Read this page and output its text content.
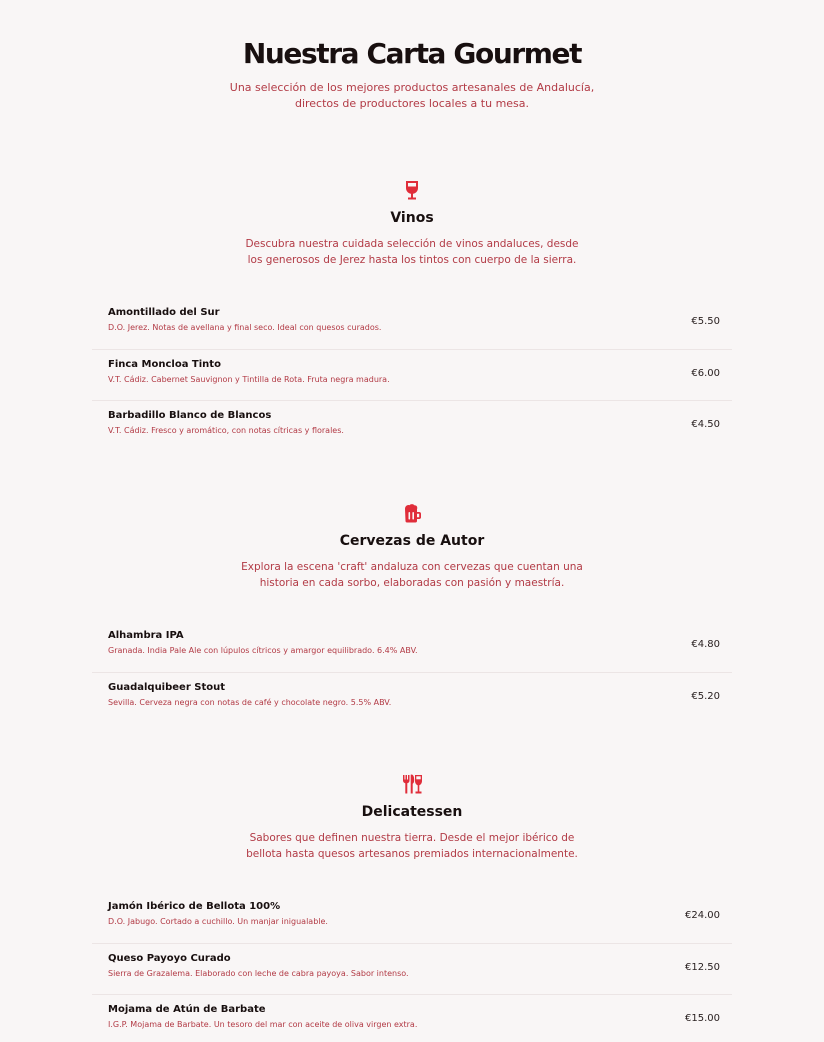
Nuestra Carta Gourmet

Una selección de los mejores productos artesanales de Andalucía,
directos de productores locales a tu mesa.

Vinos

Descubra nuestra cuidada selección de vinos andaluces, desde
los generosos de Jerez hasta los tintos con cuerpo de la sierra.

Amontillado del Sur
D.O. Jerez. Notas de avellana y final seco. Ideal con quesos curados.
€5.50
Finca Moncloa Tinto
V.T. Cádiz. Cabernet Sauvignon y Tintilla de Rota. Fruta negra madura.
€6.00
Barbadillo Blanco de Blancos
V.T. Cádiz. Fresco y aromático, con notas cítricas y florales.
€4.50
Cervezas de Autor

Explora la escena 'craft' andaluza con cervezas que cuentan una
historia en cada sorbo, elaboradas con pasión y maestría.

Alhambra IPA
Granada. India Pale Ale con lúpulos cítricos y amargor equilibrado. 6.4% ABV.
€4.80
Guadalquibeer Stout
Sevilla. Cerveza negra con notas de café y chocolate negro. 5.5% ABV.
€5.20
Delicatessen

Sabores que definen nuestra tierra. Desde el mejor ibérico de
bellota hasta quesos artesanos premiados internacionalmente.

Jamón Ibérico de Bellota 100%
D.O. Jabugo. Cortado a cuchillo. Un manjar inigualable.
€24.00
Queso Payoyo Curado
Sierra de Grazalema. Elaborado con leche de cabra payoya. Sabor intenso.
€12.50
Mojama de Atún de Barbate
I.G.P. Mojama de Barbate. Un tesoro del mar con aceite de oliva virgen extra.
€15.00
